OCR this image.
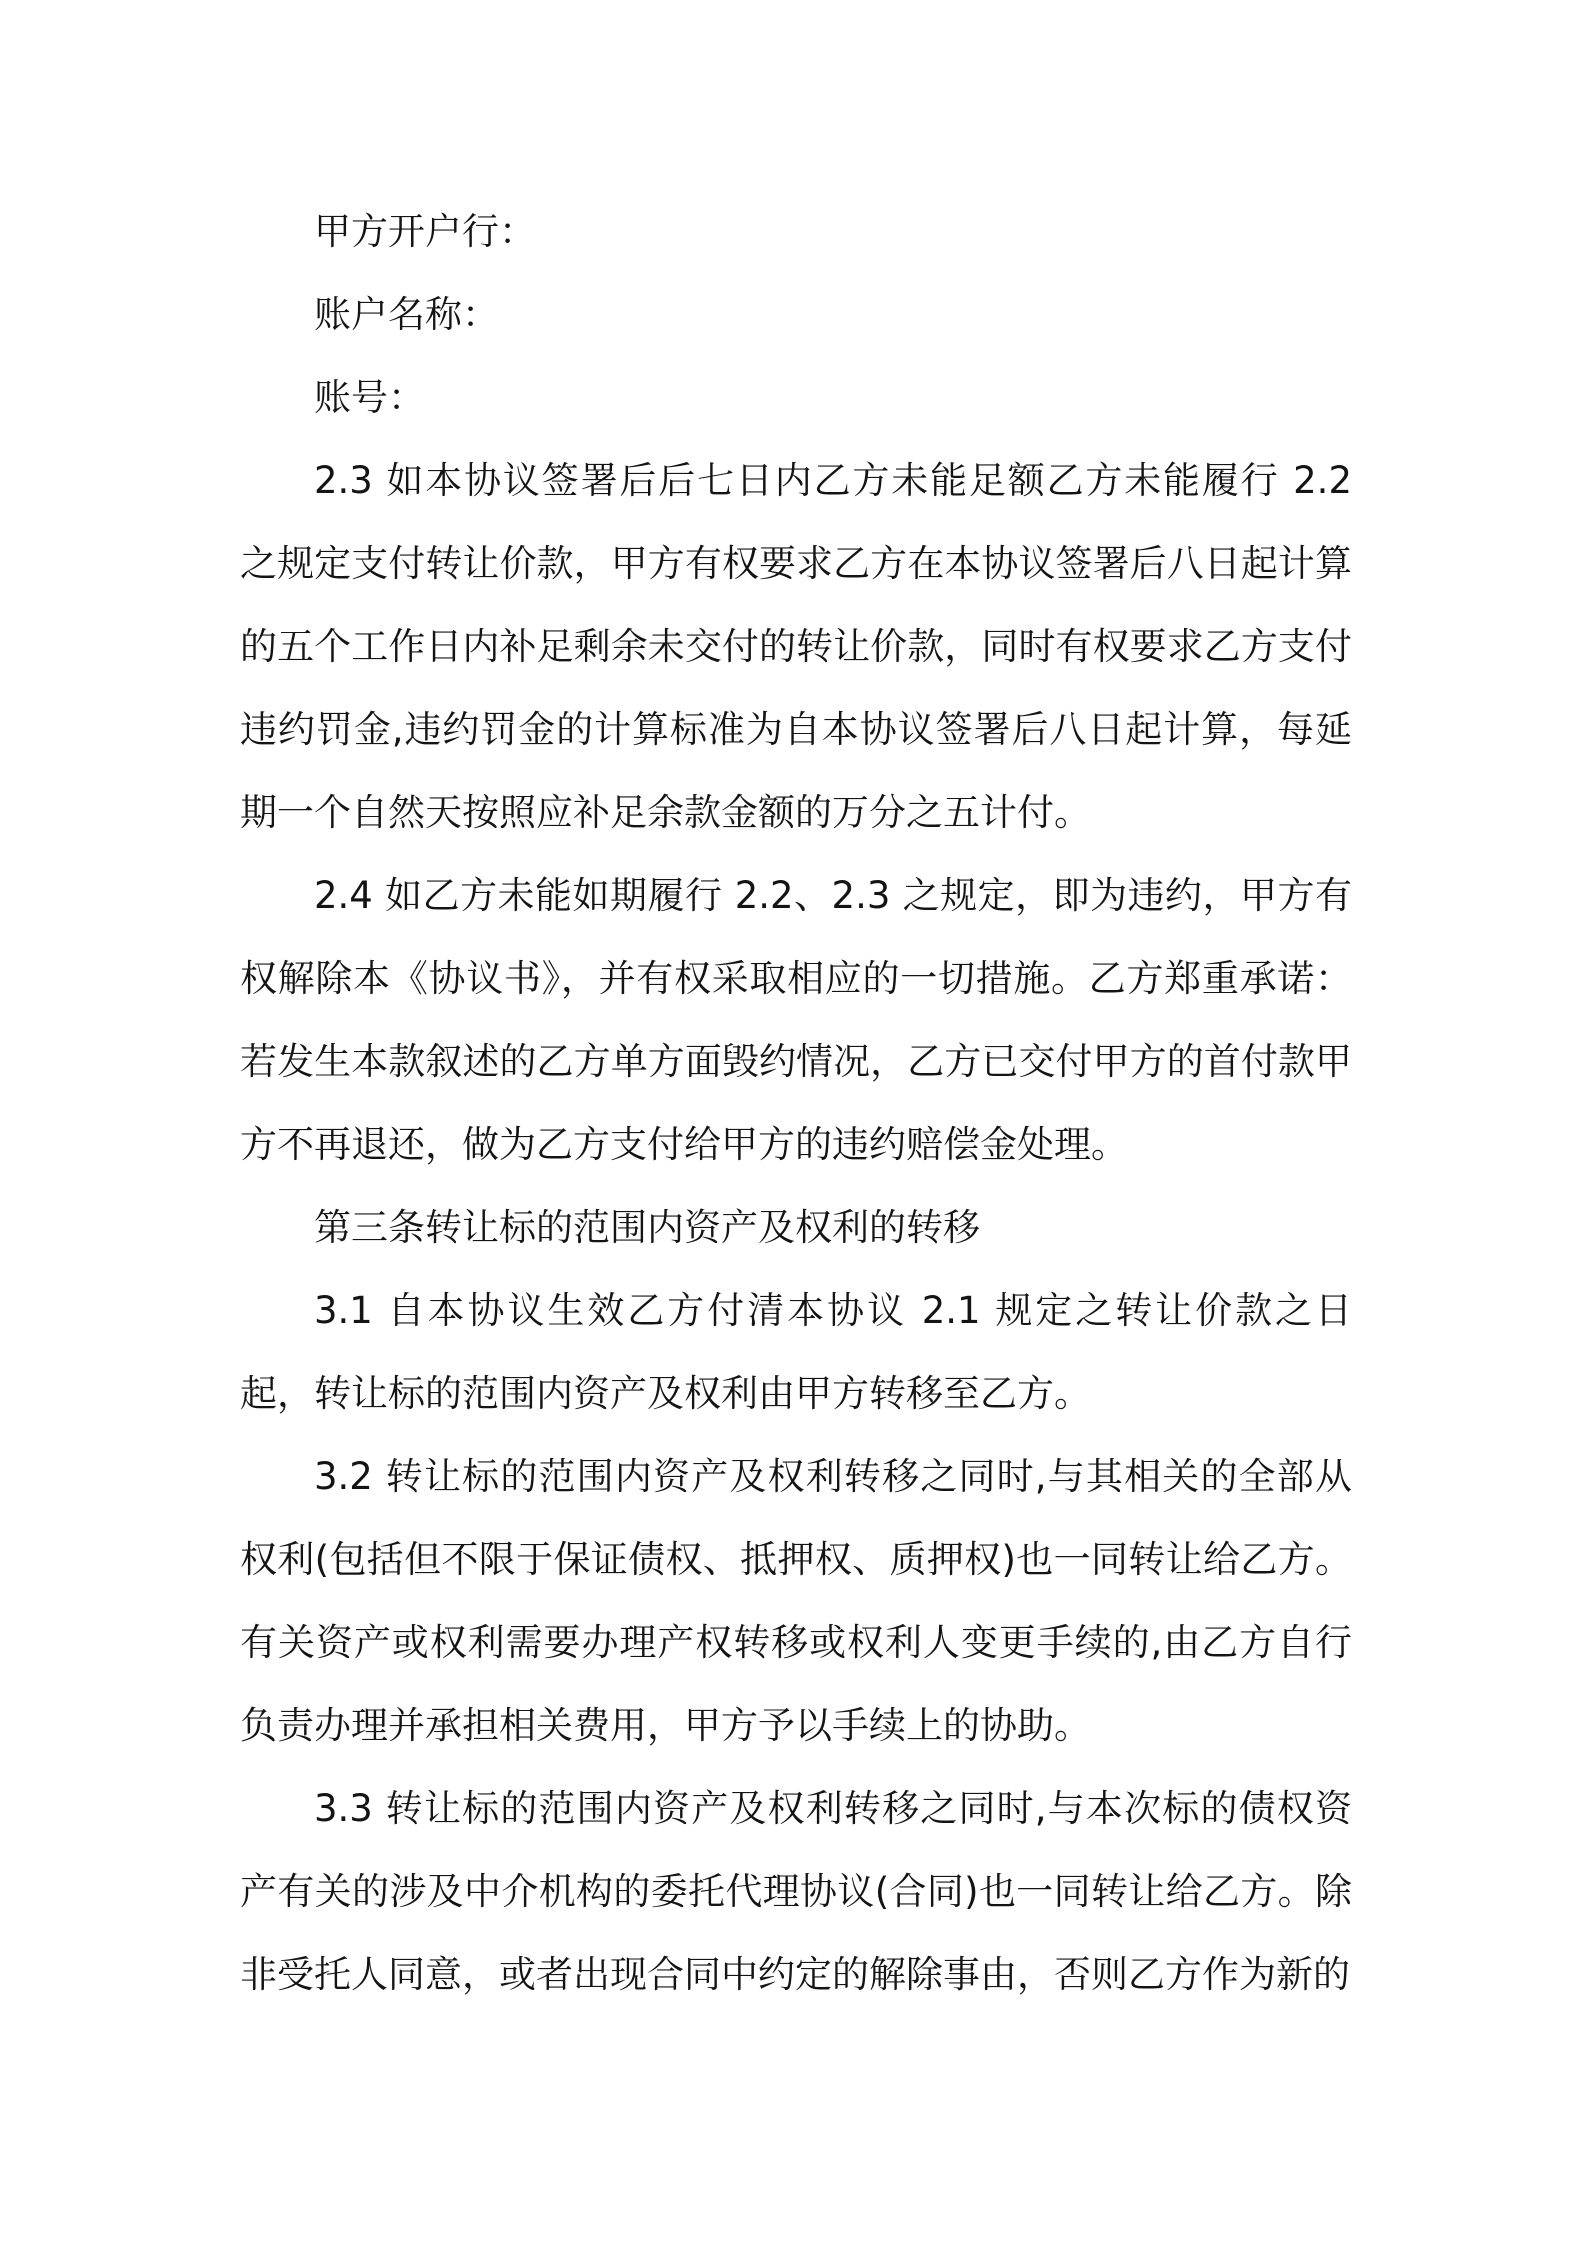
甲方开户行：

账户名称：

账号：

2.3 如本协议签署后后七日内乙方未能足额乙方未能履行 2.2 之规定支付转让价款，甲方有权要求乙方在本协议签署后八日起计算的五个工作日内补足剩余未交付的转让价款，同时有权要求乙方支付违约罚金,违约罚金的计算标准为自本协议签署后八日起计算，每延期一个自然天按照应补足余款金额的万分之五计付。

2.4 如乙方未能如期履行 2.2、2.3 之规定，即为违约，甲方有权解除本《协议书》，并有权采取相应的一切措施。乙方郑重承诺：若发生本款叙述的乙方单方面毁约情况，乙方已交付甲方的首付款甲方不再退还，做为乙方支付给甲方的违约赔偿金处理。

第三条转让标的范围内资产及权利的转移

3.1 自本协议生效乙方付清本协议 2.1 规定之转让价款之日起，转让标的范围内资产及权利由甲方转移至乙方。

3.2 转让标的范围内资产及权利转移之同时,与其相关的全部从权利(包括但不限于保证债权、抵押权、质押权)也一同转让给乙方。有关资产或权利需要办理产权转移或权利人变更手续的,由乙方自行负责办理并承担相关费用，甲方予以手续上的协助。

3.3 转让标的范围内资产及权利转移之同时,与本次标的债权资产有关的涉及中介机构的委托代理协议(合同)也一同转让给乙方。除非受托人同意，或者出现合同中约定的解除事由，否则乙方作为新的
